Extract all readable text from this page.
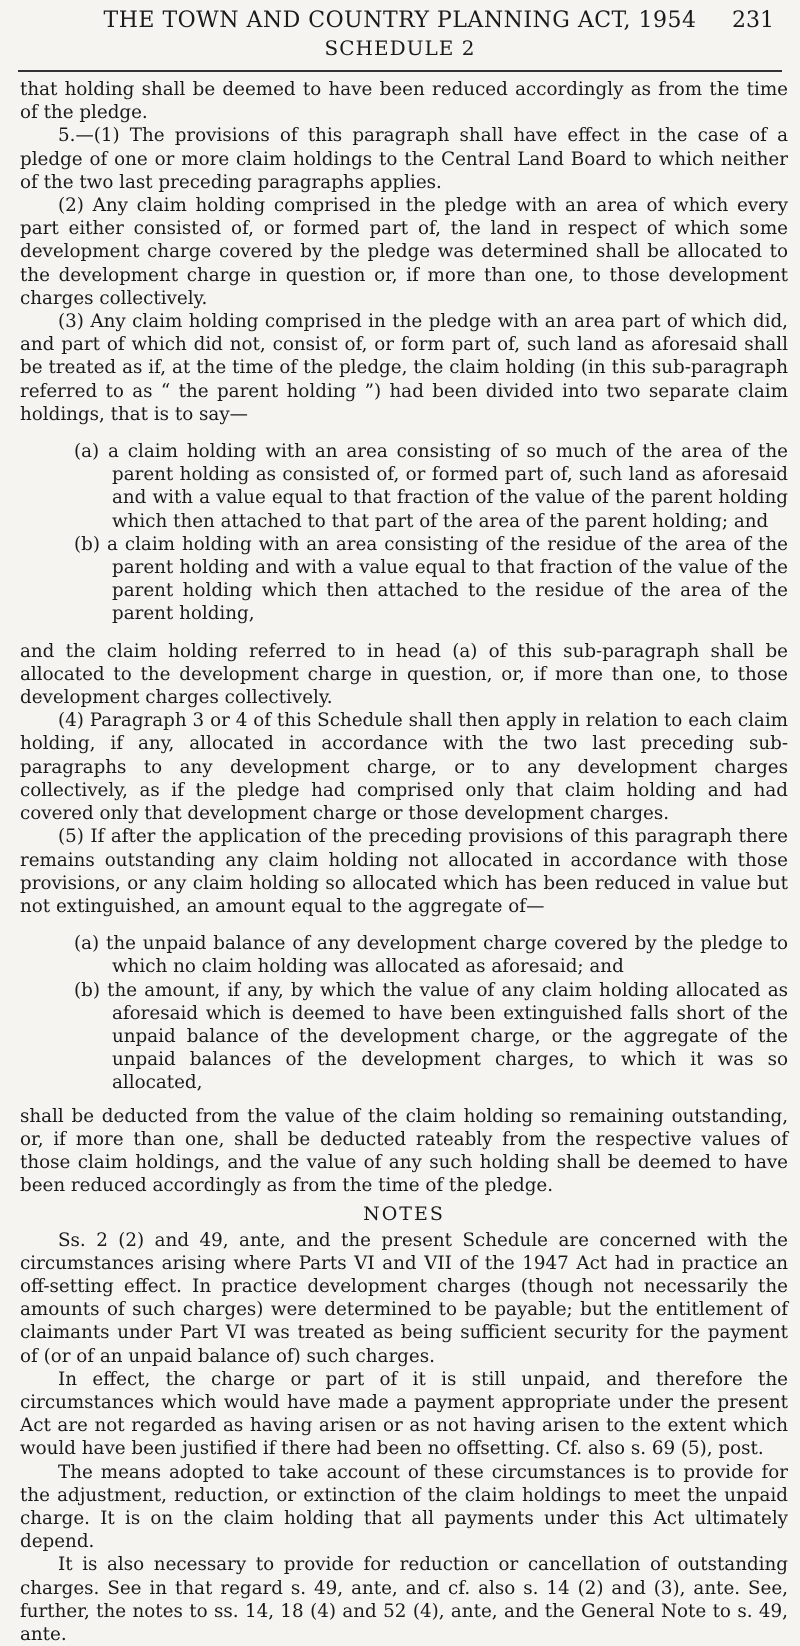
THE TOWN AND COUNTRY PLANNING ACT, 1954	231
SCHEDULE 2

that holding shall be deemed to have been reduced accordingly as from the time of the pledge.

5.—(1) The provisions of this paragraph shall have effect in the case of a pledge of one or more claim holdings to the Central Land Board to which neither of the two last preceding paragraphs applies.

(2) Any claim holding comprised in the pledge with an area of which every part either consisted of, or formed part of, the land in respect of which some development charge covered by the pledge was determined shall be allocated to the development charge in question or, if more than one, to those development charges collectively.

(3) Any claim holding comprised in the pledge with an area part of which did, and part of which did not, consist of, or form part of, such land as aforesaid shall be treated as if, at the time of the pledge, the claim holding (in this sub-paragraph referred to as “ the parent holding ”) had been divided into two separate claim holdings, that is to say—

(a) a claim holding with an area consisting of so much of the area of the parent holding as consisted of, or formed part of, such land as aforesaid and with a value equal to that fraction of the value of the parent holding which then attached to that part of the area of the parent holding; and

(b) a claim holding with an area consisting of the residue of the area of the parent holding and with a value equal to that fraction of the value of the parent holding which then attached to the residue of the area of the parent holding,

and the claim holding referred to in head (a) of this sub-paragraph shall be allocated to the development charge in question, or, if more than one, to those development charges collectively.

(4) Paragraph 3 or 4 of this Schedule shall then apply in relation to each claim holding, if any, allocated in accordance with the two last preceding sub-paragraphs to any development charge, or to any development charges collectively, as if the pledge had comprised only that claim holding and had covered only that development charge or those development charges.

(5) If after the application of the preceding provisions of this paragraph there remains outstanding any claim holding not allocated in accordance with those provisions, or any claim holding so allocated which has been reduced in value but not extinguished, an amount equal to the aggregate of—

(a) the unpaid balance of any development charge covered by the pledge to which no claim holding was allocated as aforesaid; and

(b) the amount, if any, by which the value of any claim holding allocated as aforesaid which is deemed to have been extinguished falls short of the unpaid balance of the development charge, or the aggregate of the unpaid balances of the development charges, to which it was so allocated,

shall be deducted from the value of the claim holding so remaining outstanding, or, if more than one, shall be deducted rateably from the respective values of those claim holdings, and the value of any such holding shall be deemed to have been reduced accordingly as from the time of the pledge.

NOTES

Ss. 2 (2) and 49, ante, and the present Schedule are concerned with the circumstances arising where Parts VI and VII of the 1947 Act had in practice an off-setting effect. In practice development charges (though not necessarily the amounts of such charges) were determined to be payable; but the entitlement of claimants under Part VI was treated as being sufficient security for the payment of (or of an unpaid balance of) such charges.

In effect, the charge or part of it is still unpaid, and therefore the circumstances which would have made a payment appropriate under the present Act are not regarded as having arisen or as not having arisen to the extent which would have been justified if there had been no offsetting. Cf. also s. 69 (5), post.

The means adopted to take account of these circumstances is to provide for the adjustment, reduction, or extinction of the claim holdings to meet the unpaid charge. It is on the claim holding that all payments under this Act ultimately depend.

It is also necessary to provide for reduction or cancellation of outstanding charges. See in that regard s. 49, ante, and cf. also s. 14 (2) and (3), ante. See, further, the notes to ss. 14, 18 (4) and 52 (4), ante, and the General Note to s. 49, ante.
